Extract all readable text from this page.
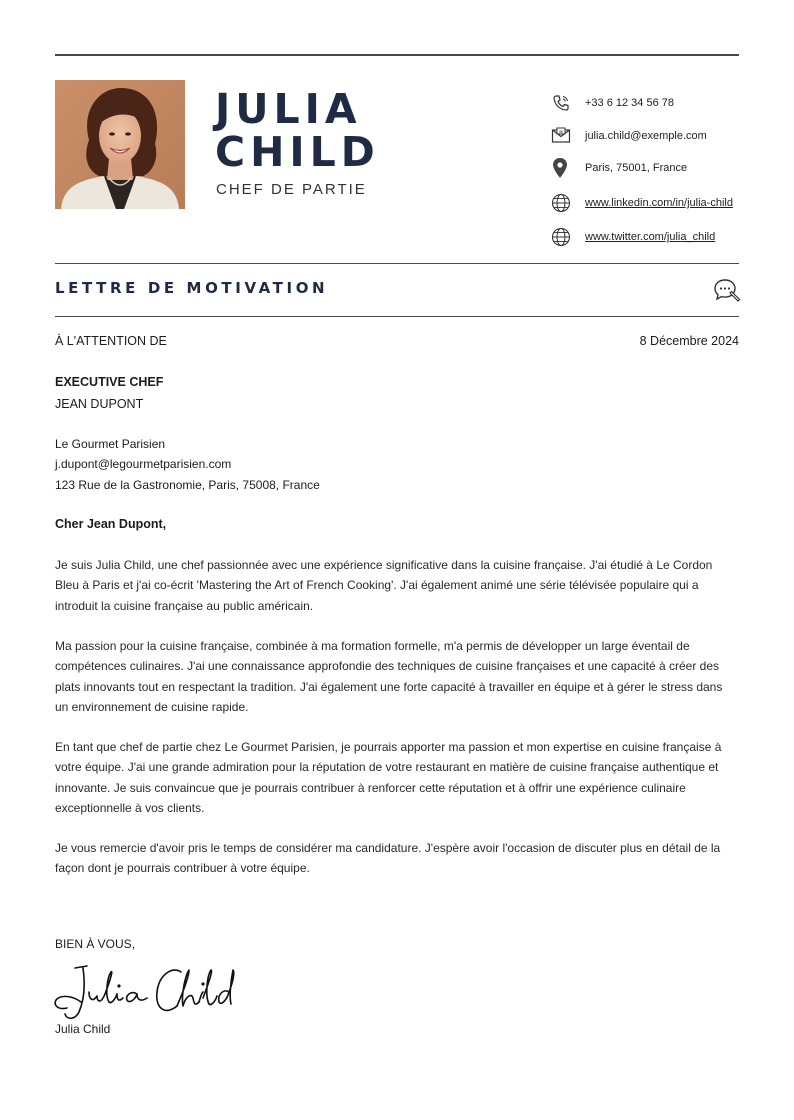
JULIA
CHILD

CHEF DE PARTIE

+33 6 12 34 56 78
@ julia.child@exemple.com
Paris, 75001, France
www.linkedin.com/in/julia-child
www.twitter.com/julia_child
LETTRE DE MOTIVATION

À L'ATTENTION DE	8 Décembre 2024

EXECUTIVE CHEF

JEAN DUPONT

Le Gourmet Parisien

j.dupont@legourmetparisien.com

123 Rue de la Gastronomie, Paris, 75008, France

Cher Jean Dupont,

Je suis Julia Child, une chef passionnée avec une expérience significative dans la cuisine française. J'ai étudié à Le Cordon Bleu à Paris et j'ai co-écrit 'Mastering the Art of French Cooking'. J'ai également animé une série télévisée populaire qui a introduit la cuisine française au public américain.

Ma passion pour la cuisine française, combinée à ma formation formelle, m'a permis de développer un large éventail de compétences culinaires. J'ai une connaissance approfondie des techniques de cuisine françaises et une capacité à créer des plats innovants tout en respectant la tradition. J'ai également une forte capacité à travailler en équipe et à gérer le stress dans un environnement de cuisine rapide.

En tant que chef de partie chez Le Gourmet Parisien, je pourrais apporter ma passion et mon expertise en cuisine française à votre équipe. J'ai une grande admiration pour la réputation de votre restaurant en matière de cuisine française authentique et innovante. Je suis convaincue que je pourrais contribuer à renforcer cette réputation et à offrir une expérience culinaire exceptionnelle à vos clients.

Je vous remercie d'avoir pris le temps de considérer ma candidature. J'espère avoir l'occasion de discuter plus en détail de la façon dont je pourrais contribuer à votre équipe.

BIEN À VOUS,

Julia Child
